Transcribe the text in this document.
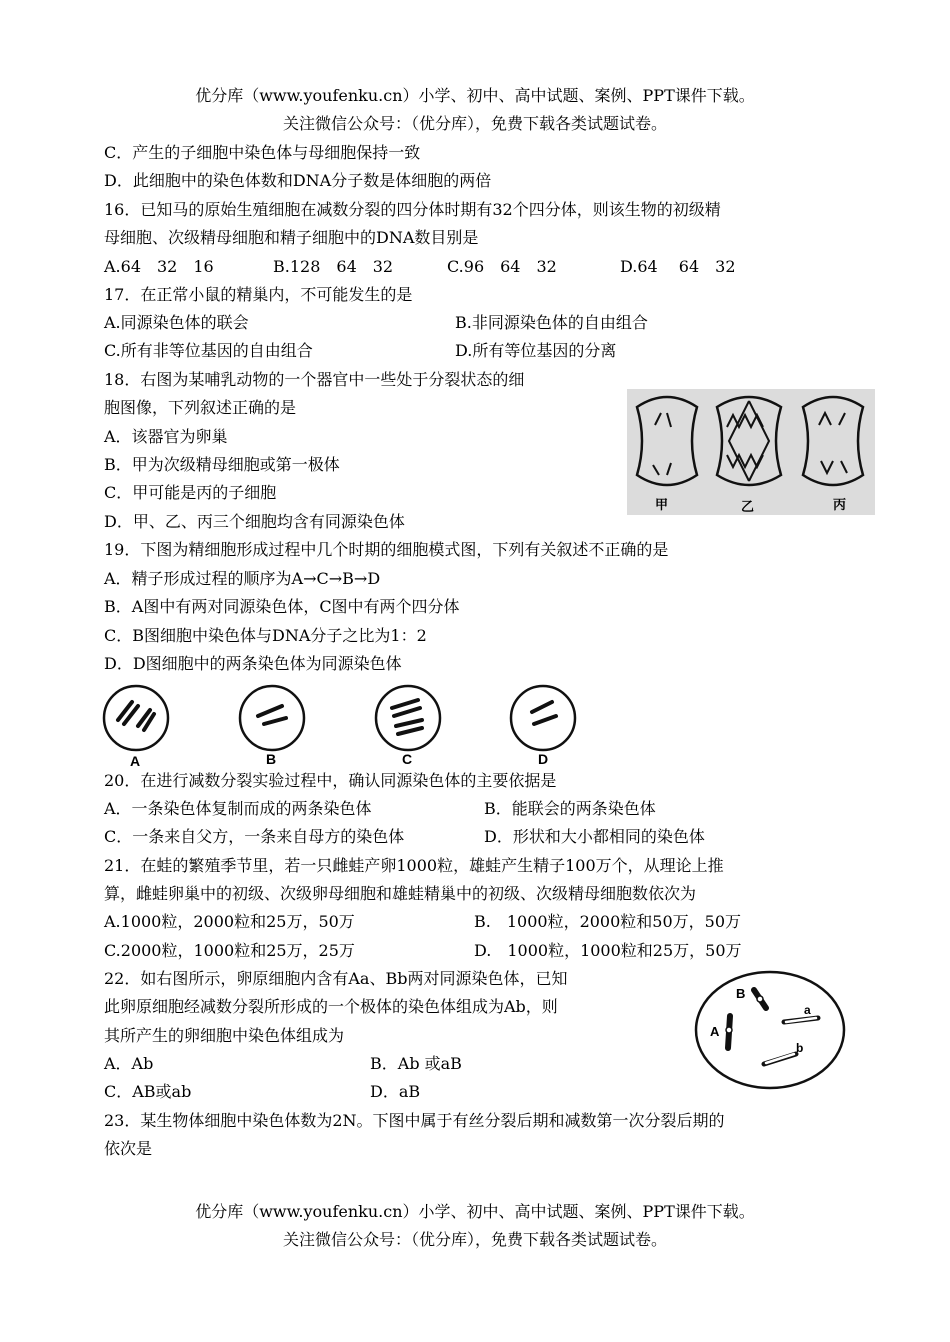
优分库（www.youfenku.cn）小学、初中、高中试题、案例、PPT课件下载。
关注微信公众号：（优分库），免费下载各类试题试卷。
C．产生的子细胞中染色体与母细胞保持一致
D．此细胞中的染色体数和DNA分子数是体细胞的两倍
16．已知马的原始生殖细胞在减数分裂的四分体时期有32个四分体，则该生物的初级精
母细胞、次级精母细胞和精子细胞中的DNA数目别是
A.64　32　16	B.128　64　32	C.96　64　32	D.64　 64　32
17．在正常小鼠的精巢内，不可能发生的是
A.同源染色体的联会	B.非同源染色体的自由组合
C.所有非等位基因的自由组合	D.所有等位基因的分离
18．右图为某哺乳动物的一个器官中一些处于分裂状态的细
胞图像，下列叙述正确的是
A．该器官为卵巢
B．甲为次级精母细胞或第一极体
C．甲可能是丙的子细胞
D．甲、乙、丙三个细胞均含有同源染色体
甲	乙	丙
19．下图为精细胞形成过程中几个时期的细胞模式图，下列有关叙述不正确的是
A．精子形成过程的顺序为A→C→B→D
B．A图中有两对同源染色体，C图中有两个四分体
C．B图细胞中染色体与DNA分子之比为1：2
D．D图细胞中的两条染色体为同源染色体
A	B	C	D
20．在进行减数分裂实验过程中，确认同源染色体的主要依据是
A．一条染色体复制而成的两条染色体	B．能联会的两条染色体
C．一条来自父方，一条来自母方的染色体	D．形状和大小都相同的染色体
21．在蛙的繁殖季节里，若一只雌蛙产卵1000粒，雄蛙产生精子100万个，从理论上推
算，雌蛙卵巢中的初级、次级卵母细胞和雄蛙精巢中的初级、次级精母细胞数依次为
A.1000粒，2000粒和25万，50万	B.　1000粒，2000粒和50万，50万
C.2000粒，1000粒和25万，25万	D.　1000粒，1000粒和25万，50万
22．如右图所示，卵原细胞内含有Aa、Bb两对同源染色体，已知
此卵原细胞经减数分裂所形成的一个极体的染色体组成为Ab，则
其所产生的卵细胞中染色体组成为
A．Ab	B．Ab 或aB
C．AB或ab	D．aB
B
A
a
b
23．某生物体细胞中染色体数为2N。下图中属于有丝分裂后期和减数第一次分裂后期的
依次是
优分库（www.youfenku.cn）小学、初中、高中试题、案例、PPT课件下载。
关注微信公众号：（优分库），免费下载各类试题试卷。
